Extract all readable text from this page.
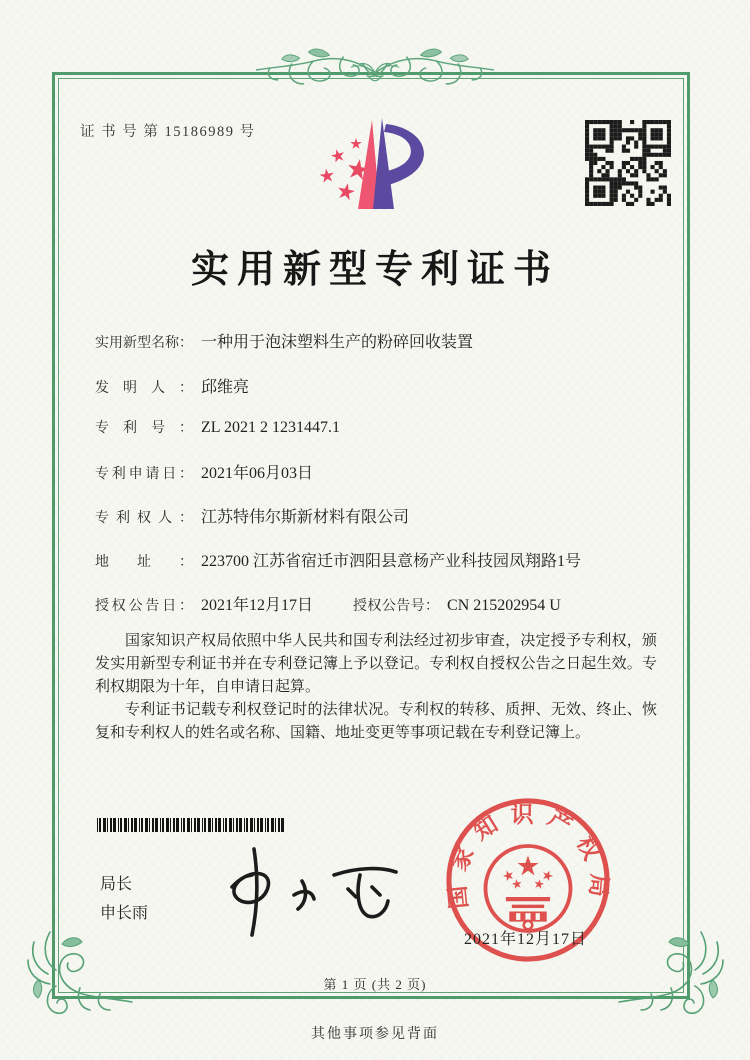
证 书 号 第 15186989 号
实用新型专利证书
实用新型名称： 一种用于泡沫塑料生产的粉碎回收装置
发明人： 邱维亮
专利号： ZL 2021 2 1231447.1
专利申请日： 2021年06月03日
专利权人： 江苏特伟尔斯新材料有限公司
地址： 223700 江苏省宿迁市泗阳县意杨产业科技园凤翔路1号
授权公告日： 2021年12月17日	授权公告号： CN 215202954 U

国家知识产权局依照中华人民共和国专利法经过初步审查，决定授予专利权，颁发实用新型专利证书并在专利登记簿上予以登记。专利权自授权公告之日起生效。专利权期限为十年，自申请日起算。

专利证书记载专利权登记时的法律状况。专利权的转移、质押、无效、终止、恢复和专利权人的姓名或名称、国籍、地址变更等事项记载在专利登记簿上。

局长
申长雨
国家知识产权局
2021年12月17日
第 1 页 (共 2 页)
其他事项参见背面
